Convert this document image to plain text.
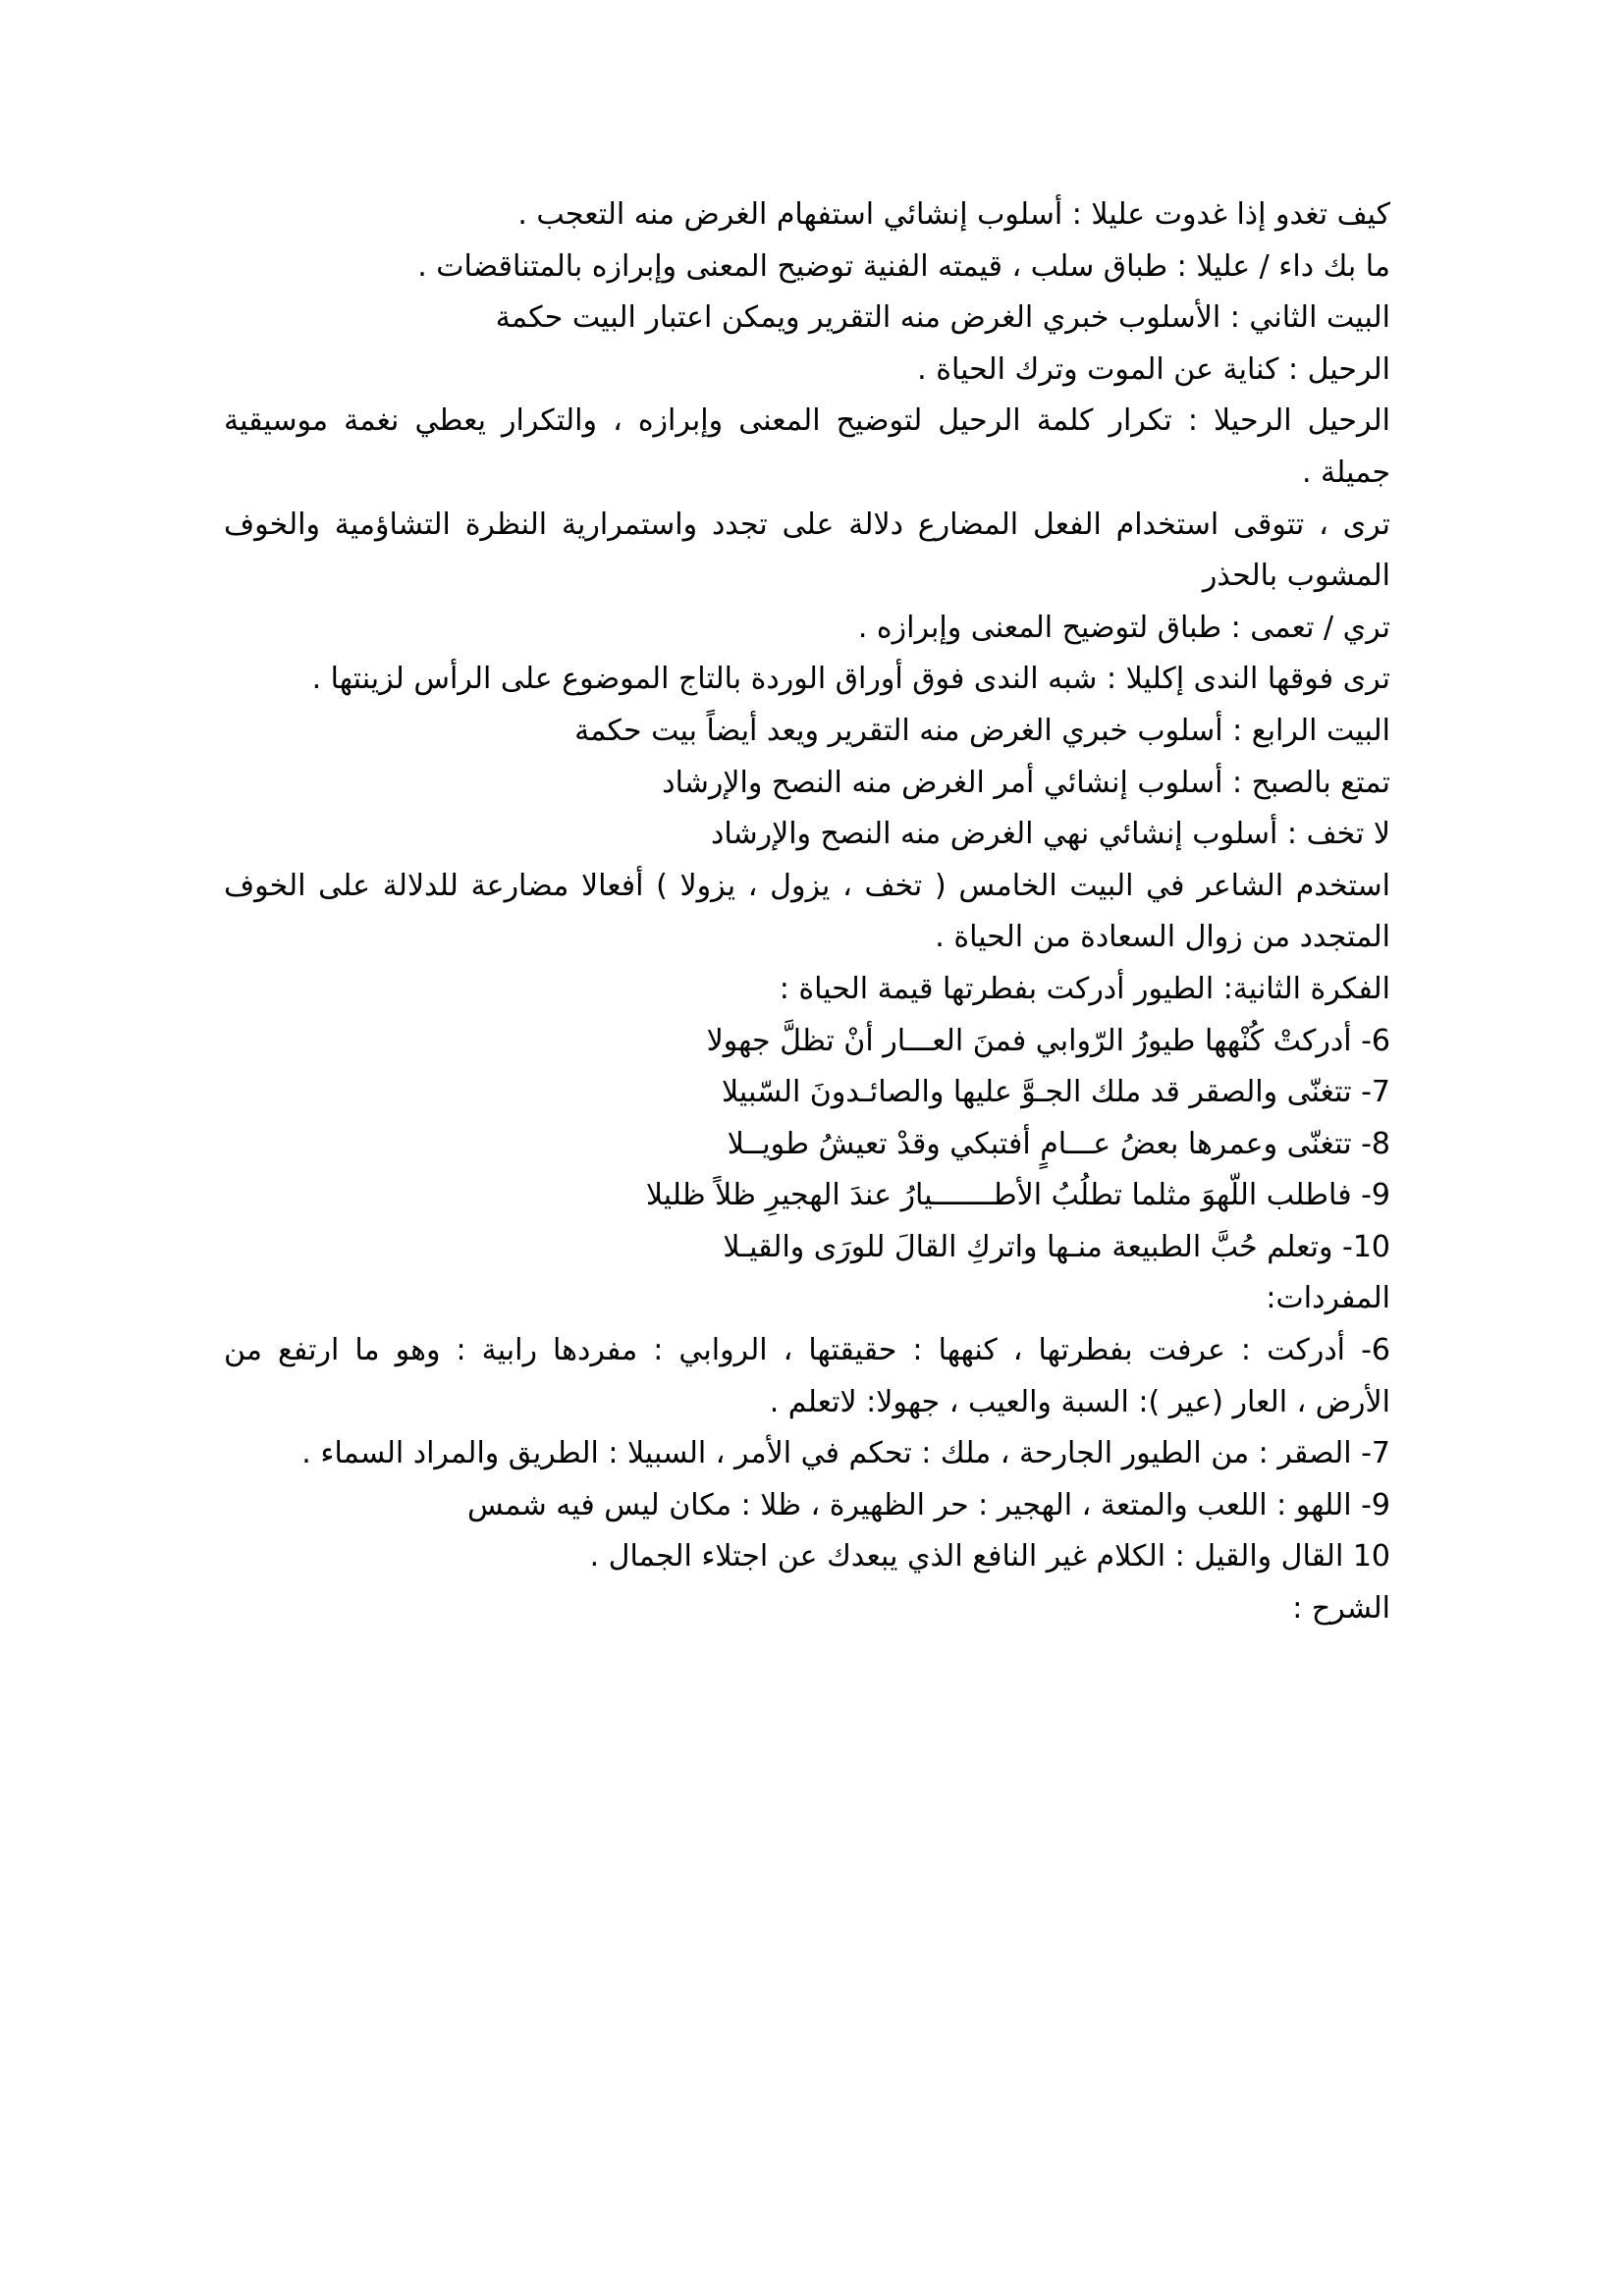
كيف تغدو إذا غدوت عليلا : أسلوب إنشائي استفهام الغرض منه التعجب .
ما بك داء / عليلا : طباق سلب ، قيمته الفنية توضيح المعنى وإبرازه بالمتناقضات .
البيت الثاني : الأسلوب خبري الغرض منه التقرير ويمكن اعتبار البيت حكمة
الرحيل : كناية عن الموت وترك الحياة .
الرحيل الرحيلا : تكرار كلمة الرحيل لتوضيح المعنى وإبرازه ، والتكرار يعطي نغمة موسيقية
جميلة .
ترى ، تتوقى استخدام الفعل المضارع دلالة على تجدد واستمرارية النظرة التشاؤمية والخوف
المشوب بالحذر
تري / تعمى : طباق لتوضيح المعنى وإبرازه .
ترى فوقها الندى إكليلا : شبه الندى فوق أوراق الوردة بالتاج الموضوع على الرأس لزينتها .
البيت الرابع : أسلوب خبري الغرض منه التقرير ويعد أيضاً بيت حكمة
تمتع بالصبح : أسلوب إنشائي أمر الغرض منه النصح والإرشاد
لا تخف : أسلوب إنشائي نهي الغرض منه النصح والإرشاد
استخدم الشاعر في البيت الخامس ( تخف ، يزول ، يزولا ) أفعالا مضارعة للدلالة على الخوف
المتجدد من زوال السعادة من الحياة .
الفكرة الثانية: الطيور أدركت بفطرتها قيمة الحياة :
6- أدركتْ كُنْهها طيورُ الرّوابي فمنَ العـــار أنْ تظلَّ جهولا
7- تتغنّى والصقر قد ملك الجـوَّ عليها والصائـدونَ السّبيلا
8- تتغنّى وعمرها بعضُ عـــامٍ أفتبكي وقدْ تعيشُ طويــلا
9- فاطلب اللّهوَ مثلما تطلُبُ الأطـــــــيارُ عندَ الهجيرِ ظلاً ظليلا
10- وتعلم حُبَّ الطبيعة منـها واتركِ القالَ للورَى والقيـلا
المفردات:
6- أدركت : عرفت بفطرتها ، كنهها : حقيقتها ، الروابي : مفردها رابية : وهو ما ارتفع من
الأرض ، العار (عير ): السبة والعيب ، جهولا: لاتعلم .
7- الصقر : من الطيور الجارحة ، ملك : تحكم في الأمر ، السبيلا : الطريق والمراد السماء .
9- اللهو : اللعب والمتعة ، الهجير : حر الظهيرة ، ظلا : مكان ليس فيه شمس
10 القال والقيل : الكلام غير النافع الذي يبعدك عن اجتلاء الجمال .
الشرح :
